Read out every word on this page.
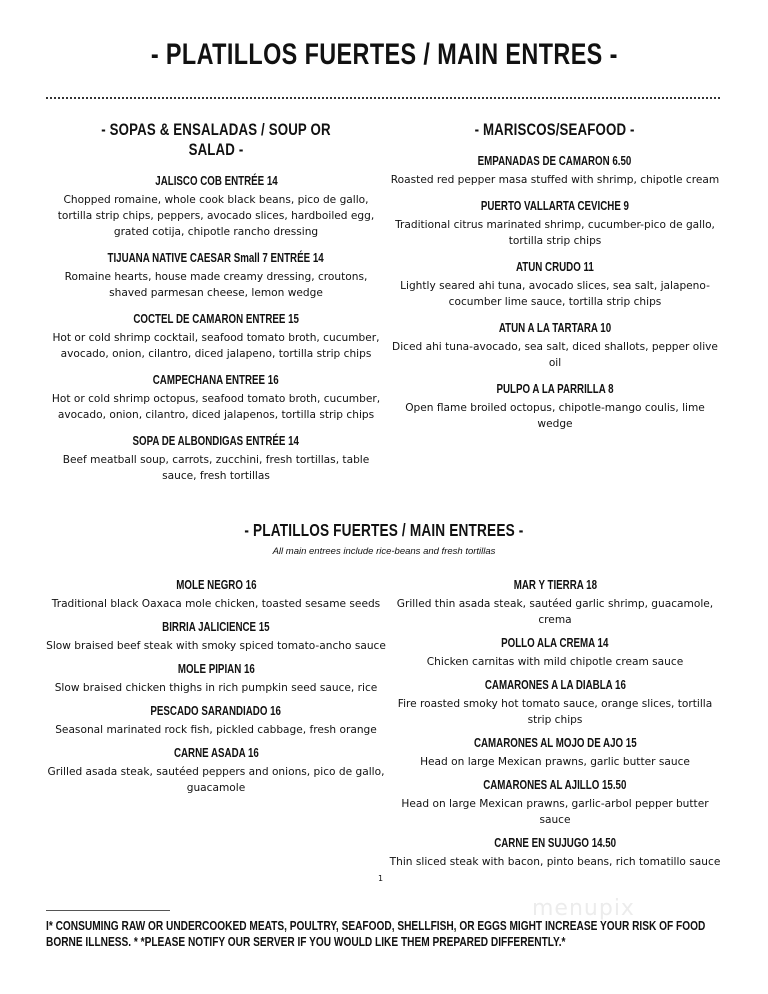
- PLATILLOS FUERTES / MAIN ENTRES -
- SOPAS & ENSALADAS / SOUP OR SALAD -
JALISCO COB ENTRÉE 14
Chopped romaine, whole cook black beans, pico de gallo, tortilla strip chips, peppers, avocado slices, hardboiled egg, grated cotija, chipotle rancho dressing
TIJUANA NATIVE CAESAR Small 7 ENTRÉE 14
Romaine hearts, house made creamy dressing, croutons, shaved parmesan cheese, lemon wedge
COCTEL DE CAMARON ENTREE 15
Hot or cold shrimp cocktail, seafood tomato broth, cucumber, avocado, onion, cilantro, diced jalapeno, tortilla strip chips
CAMPECHANA ENTREE 16
Hot or cold shrimp octopus, seafood tomato broth, cucumber, avocado, onion, cilantro, diced jalapenos, tortilla strip chips
SOPA DE ALBONDIGAS ENTRÉE 14
Beef meatball soup, carrots, zucchini, fresh tortillas, table sauce, fresh tortillas
- MARISCOS/SEAFOOD -
EMPANADAS DE CAMARON 6.50
Roasted red pepper masa stuffed with shrimp, chipotle cream
PUERTO VALLARTA CEVICHE 9
Traditional citrus marinated shrimp, cucumber-pico de gallo, tortilla strip chips
ATUN CRUDO 11
Lightly seared ahi tuna, avocado slices, sea salt, jalapeno-cocumber lime sauce, tortilla strip chips
ATUN A LA TARTARA 10
Diced ahi tuna-avocado, sea salt, diced shallots, pepper olive oil
PULPO A LA PARRILLA 8
Open flame broiled octopus, chipotle-mango coulis, lime wedge
- PLATILLOS FUERTES / MAIN ENTREES -
All main entrees include rice-beans and fresh tortillas
MOLE NEGRO 16
Traditional black Oaxaca mole chicken, toasted sesame seeds
BIRRIA JALICIENCE 15
Slow braised beef steak with smoky spiced tomato-ancho sauce
MOLE PIPIAN 16
Slow braised chicken thighs in rich pumpkin seed sauce, rice
PESCADO SARANDIADO 16
Seasonal marinated rock fish, pickled cabbage, fresh orange
CARNE ASADA 16
Grilled asada steak, sautéed peppers and onions, pico de gallo, guacamole
MAR Y TIERRA 18
Grilled thin asada steak, sautéed garlic shrimp, guacamole, crema
POLLO ALA CREMA 14
Chicken carnitas with mild chipotle cream sauce
CAMARONES A LA DIABLA 16
Fire roasted smoky hot tomato sauce, orange slices, tortilla strip chips
CAMARONES AL MOJO DE AJO 15
Head on large Mexican prawns, garlic butter sauce
CAMARONES AL AJILLO 15.50
Head on large Mexican prawns, garlic-arbol pepper butter sauce
CARNE EN SUJUGO 14.50
Thin sliced steak with bacon, pinto beans, rich tomatillo sauce
1
menupix
I* CONSUMING RAW OR UNDERCOOKED MEATS, POULTRY, SEAFOOD, SHELLFISH, OR EGGS MIGHT INCREASE YOUR RISK OF FOOD BORNE ILLNESS. * *PLEASE NOTIFY OUR SERVER IF YOU WOULD LIKE THEM PREPARED DIFFERENTLY.*
